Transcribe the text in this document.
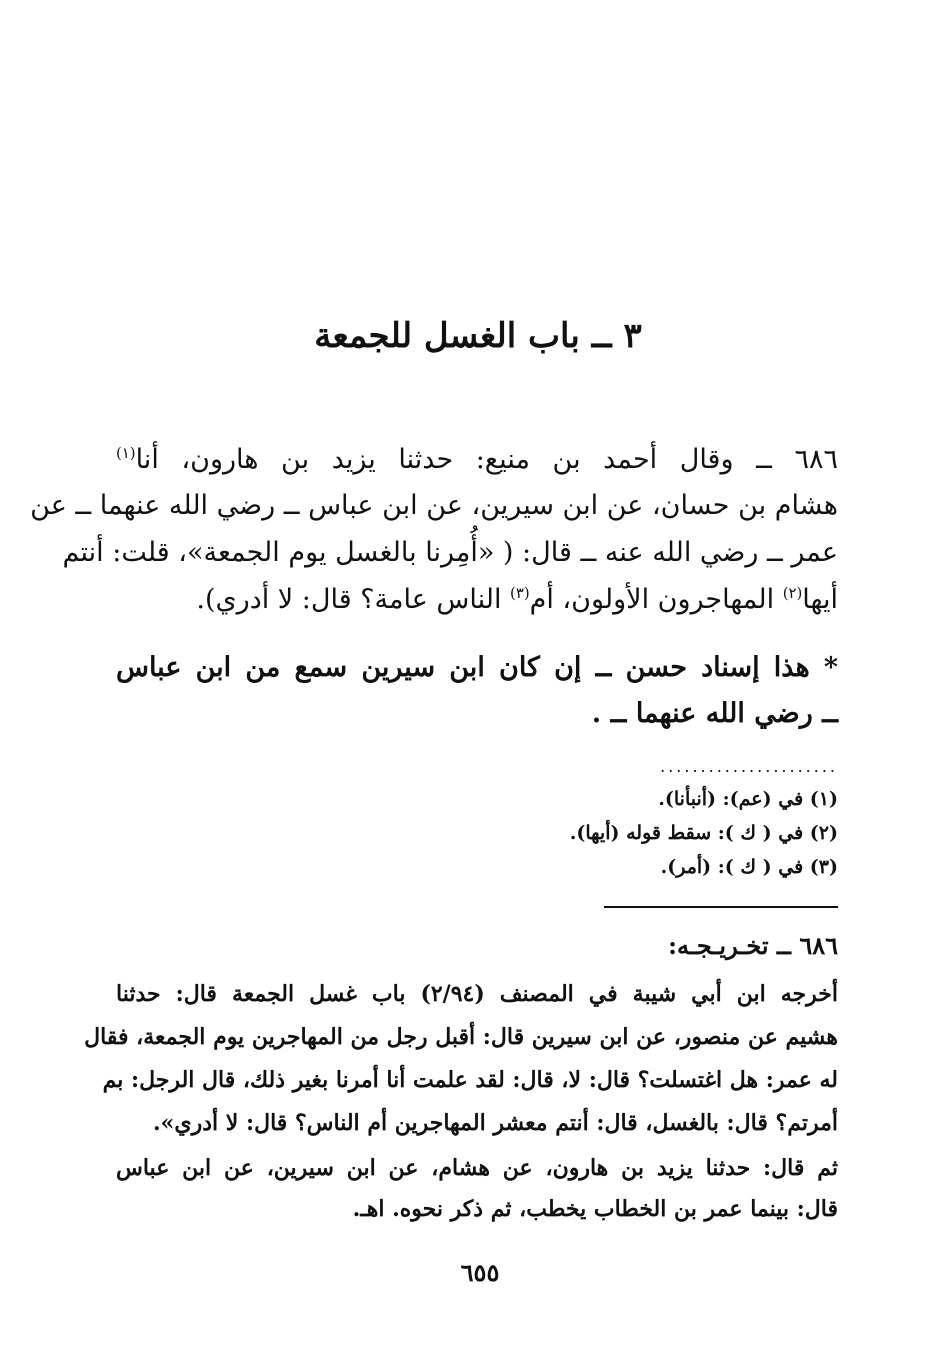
٣ ــ باب الغسل للجمعة
٦٨٦ ــ وقال أحمد بن منيع: حدثنا يزيد بن هارون، أنا$^{(١)}$
هشام بن حسان، عن ابن سيرين، عن ابن عباس ــ رضي الله عنهما ــ عن
عمر ــ رضي الله عنه ــ قال: ( «أُمِرنا بالغسل يوم الجمعة»، قلت: أنتم
أيها$^{(٢)}$ المهاجرون الأولون، أم$^{(٣)}$ الناس عامة؟ قال: لا أدري).
* هذا إسناد حسن ــ إن كان ابن سيرين سمع من ابن عباس
ــ رضي الله عنهما ــ .
......................
(١) في (عم): (أنبأنا).
(٢) في ( ك ): سقط قوله (أيها).
(٣) في ( ك ): (أمر).
٦٨٦ ــ تخـريـجـه:
أخرجه ابن أبي شيبة في المصنف (٢/٩٤) باب غسل الجمعة قال: حدثنا
هشيم عن منصور، عن ابن سيرين قال: أقبل رجل من المهاجرين يوم الجمعة، فقال
له عمر: هل اغتسلت؟ قال: لا، قال: لقد علمت أنا أمرنا بغير ذلك، قال الرجل: بم
أمرتم؟ قال: بالغسل، قال: أنتم معشر المهاجرين أم الناس؟ قال: لا أدري».
ثم قال: حدثنا يزيد بن هارون، عن هشام، عن ابن سيرين، عن ابن عباس
قال: بينما عمر بن الخطاب يخطب، ثم ذكر نحوه. اهـ.
٦٥٥
